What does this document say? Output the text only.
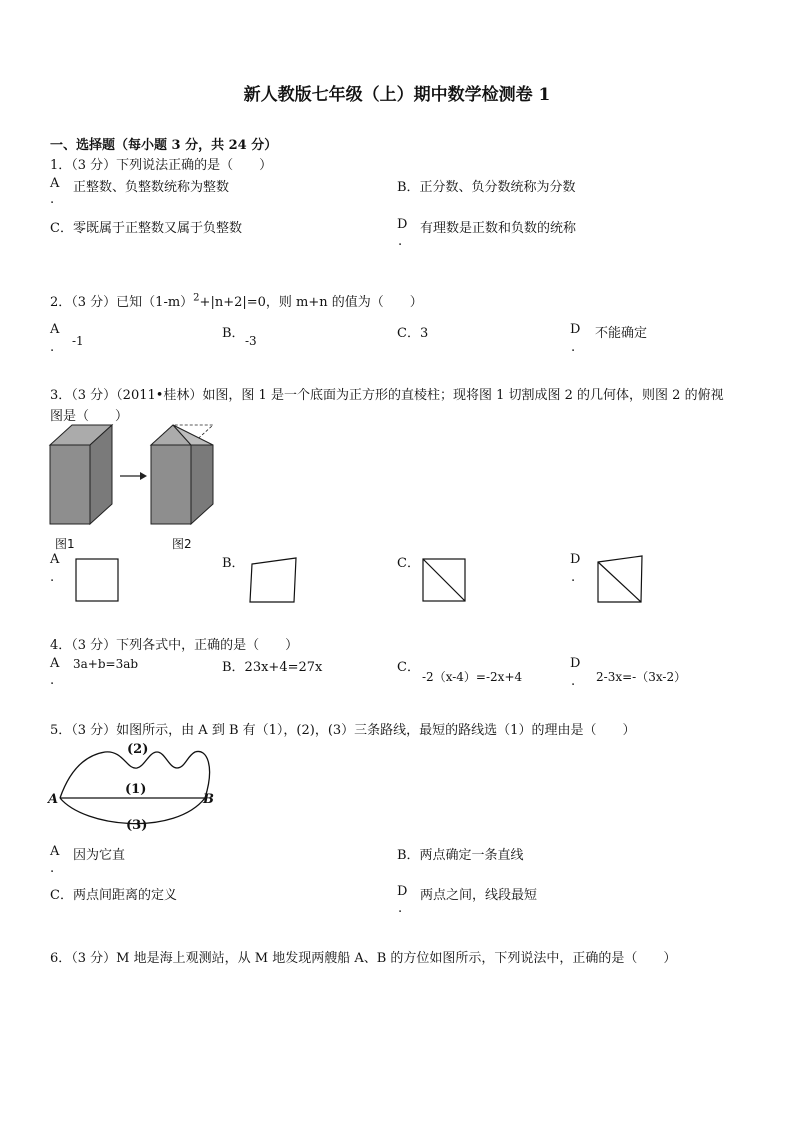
新人教版七年级（上）期中数学检测卷 1
一、选择题（每小题 3 分，共 24 分）
1．（3 分）下列说法正确的是（　　）
A 正整数、负整数统称为整数
.
B．正分数、负分数统称为分数
C．零既属于正整数又属于负整数	D 有理数是正数和负数的统称
.
2．（3 分）已知$(1-m)^2+|n+2|=0$，则 m+n 的值为（　　）
A
-1
.
B． -3	C．3	D 不能确定
.
3．（3 分）（2011•桂林）如图，图 1 是一个底面为正方形的直棱柱；现将图 1 切割成图 2 的几何体，则图 2 的俯视
图是（　　）
图1	图2
A
.
B．	C．	D
.
4．（3 分）下列各式中，正确的是（　　）
A 3a+b=3ab
.
B．23x+4=27x	C．
-2（x-4）=-2x+4
D
2-3x=-（3x-2）
.
5．（3 分）如图所示，由 A 到 B 有（1），(2)，(3）三条路线，最短的路线选（1）的理由是（　　）
A	B
(2)
(1)
(3)
A 因为它直
.
B．两点确定一条直线
C．两点间距离的定义	D 两点之间，线段最短
.
6．（3 分）M 地是海上观测站，从 M 地发现两艘船 A、B 的方位如图所示，下列说法中，正确的是（　　）
